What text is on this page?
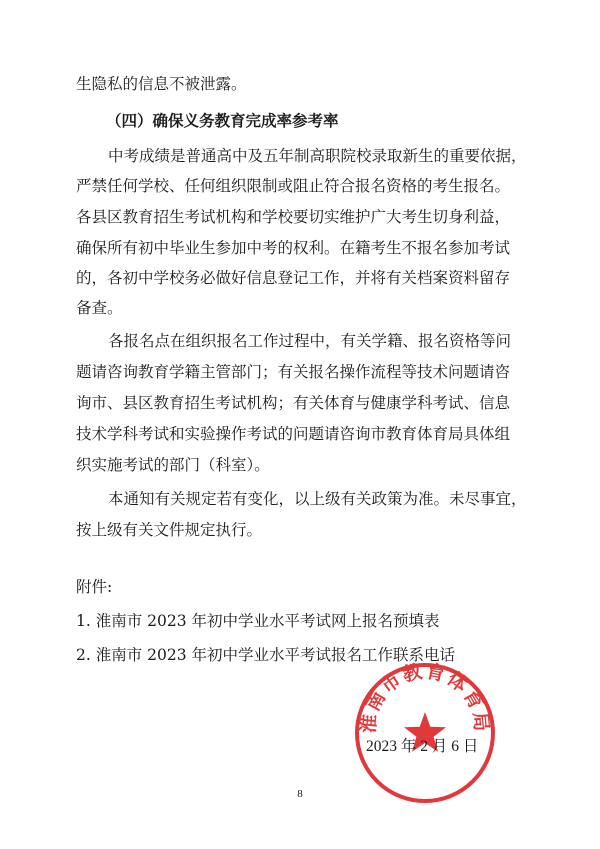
生隐私的信息不被泄露。
（四）确保义务教育完成率参考率
中考成绩是普通高中及五年制高职院校录取新生的重要依据，
严禁任何学校、任何组织限制或阻止符合报名资格的考生报名。
各县区教育招生考试机构和学校要切实维护广大考生切身利益，
确保所有初中毕业生参加中考的权利。在籍考生不报名参加考试
的，各初中学校务必做好信息登记工作，并将有关档案资料留存
备查。
各报名点在组织报名工作过程中，有关学籍、报名资格等问
题请咨询教育学籍主管部门；有关报名操作流程等技术问题请咨
询市、县区教育招生考试机构；有关体育与健康学科考试、信息
技术学科考试和实验操作考试的问题请咨询市教育体育局具体组
织实施考试的部门（科室）。
本通知有关规定若有变化，以上级有关政策为准。未尽事宜，
按上级有关文件规定执行。
附件:
1. 淮南市 2023 年初中学业水平考试网上报名预填表
2. 淮南市 2023 年初中学业水平考试报名工作联系电话
淮南市教育体育局
2023 年 2 月 6 日
8
